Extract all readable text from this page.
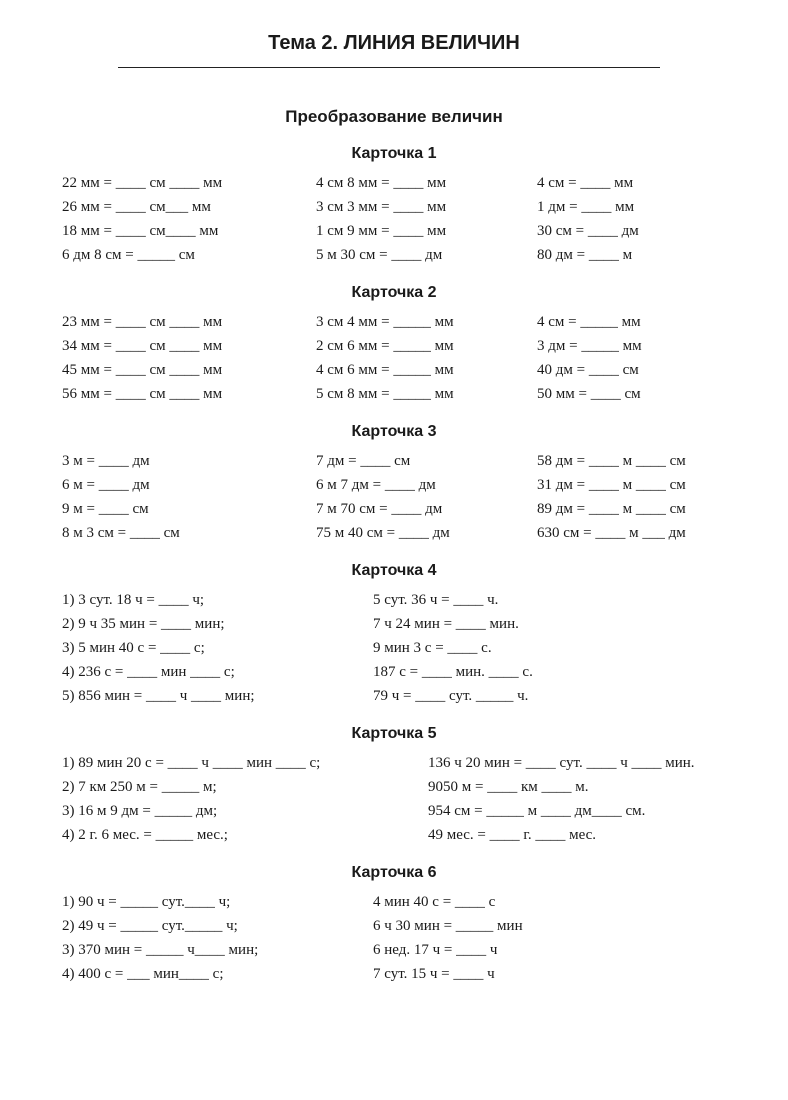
Тема 2. ЛИНИЯ ВЕЛИЧИН
Преобразование величин
Карточка 1
22 мм = ____ см ____ мм	4 см 8 мм = ____ мм	4 см = ____ мм
26 мм = ____ см___ мм	3 см 3 мм = ____ мм	1 дм = ____ мм
18 мм = ____ см____ мм	1 см 9 мм = ____ мм	30 см = ____ дм
6 дм 8 см = _____ см	5 м 30 см = ____ дм	80 дм = ____ м
Карточка 2
23 мм = ____ см ____ мм	3 см 4 мм = _____ мм	4 см = _____ мм
34 мм = ____ см ____ мм	2 см 6 мм = _____ мм	3 дм = _____ мм
45 мм = ____ см ____ мм	4 см 6 мм = _____ мм	40 дм = ____ см
56 мм = ____ см ____ мм	5 см 8 мм = _____ мм	50 мм = ____ см
Карточка 3
3 м = ____ дм	7 дм = ____ см	58 дм = ____ м ____ см
6 м = ____ дм	6 м 7 дм = ____ дм	31 дм = ____ м ____ см
9 м = ____ см	7 м 70 см = ____ дм	89 дм = ____ м ____ см
8 м 3 см = ____ см	75 м 40 см = ____ дм	630 см = ____ м ___ дм
Карточка 4
1) 3 сут. 18 ч = ____ ч;	5 сут. 36 ч = ____ ч.
2) 9 ч 35 мин = ____ мин;	7 ч 24 мин = ____ мин.
3) 5 мин 40 с = ____ с;	9 мин 3 с = ____ с.
4) 236 с = ____ мин ____ с;	187 с = ____ мин. ____ с.
5) 856 мин = ____ ч ____ мин;	79 ч = ____ сут. _____ ч.
Карточка 5
1) 89 мин 20 с = ____ ч ____ мин ____ с;	136 ч 20 мин = ____ сут. ____ ч ____ мин.
2) 7 км 250 м = _____ м;	9050 м = ____ км ____ м.
3) 16 м 9 дм = _____ дм;	954 см = _____ м ____ дм____ см.
4) 2 г. 6 мес. = _____ мес.;	49 мес. = ____ г. ____ мес.
Карточка 6
1) 90 ч = _____ сут.____ ч;	4 мин 40 с = ____ с
2) 49 ч = _____ сут._____ ч;	6 ч 30 мин = _____ мин
3) 370 мин = _____ ч____ мин;	6 нед. 17 ч = ____ ч
4) 400 с = ___ мин____ с;	7 сут. 15 ч = ____ ч
